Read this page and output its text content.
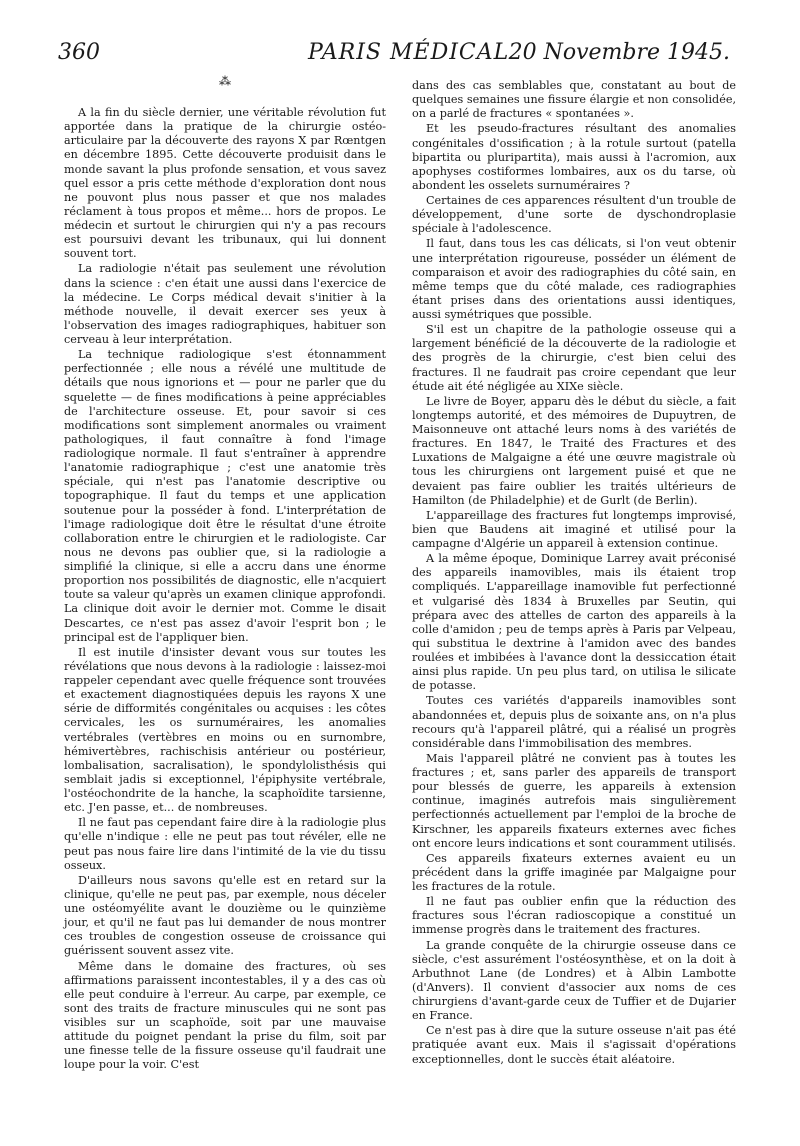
360	PARIS MÉDICAL 20 Novembre 1945.
⁂

A la fin du siècle dernier, une véritable révolution fut apportée dans la pratique de la chirurgie ostéo-articulaire par la découverte des rayons X par Rœntgen en décembre 1895. Cette découverte produisit dans le monde savant la plus profonde sensation, et vous savez quel essor a pris cette méthode d'exploration dont nous ne pouvont plus nous passer et que nos malades réclament à tous propos et même... hors de propos. Le médecin et surtout le chirurgien qui n'y a pas recours est poursuivi devant les tribunaux, qui lui donnent souvent tort.

La radiologie n'était pas seulement une révolution dans la science : c'en était une aussi dans l'exercice de la médecine. Le Corps médical devait s'initier à la méthode nouvelle, il devait exercer ses yeux à l'observation des images radiographiques, habituer son cerveau à leur interprétation.

La technique radiologique s'est étonnamment perfectionnée ; elle nous a révélé une multitude de détails que nous ignorions et — pour ne parler que du squelette — de fines modifications à peine appréciables de l'architecture osseuse. Et, pour savoir si ces modifications sont simplement anormales ou vraiment pathologiques, il faut connaître à fond l'image radiologique normale. Il faut s'entraîner à apprendre l'anatomie radiographique ; c'est une anatomie très spéciale, qui n'est pas l'anatomie descriptive ou topographique. Il faut du temps et une application soutenue pour la posséder à fond. L'interprétation de l'image radiologique doit être le résultat d'une étroite collaboration entre le chirurgien et le radiologiste. Car nous ne devons pas oublier que, si la radiologie a simplifié la clinique, si elle a accru dans une énorme proportion nos possibilités de diagnostic, elle n'acquiert toute sa valeur qu'après un examen clinique approfondi. La clinique doit avoir le dernier mot. Comme le disait Descartes, ce n'est pas assez d'avoir l'esprit bon ; le principal est de l'appliquer bien.

Il est inutile d'insister devant vous sur toutes les révélations que nous devons à la radiologie : laissez-moi rappeler cependant avec quelle fréquence sont trouvées et exactement diagnostiquées depuis les rayons X une série de difformités congénitales ou acquises : les côtes cervicales, les os surnuméraires, les anomalies vertébrales (vertèbres en moins ou en surnombre, hémivertèbres, rachischisis antérieur ou postérieur, lombalisation, sacralisation), le spondylolisthésis qui semblait jadis si exceptionnel, l'épiphysite vertébrale, l'ostéochondrite de la hanche, la scaphoïdite tarsienne, etc. J'en passe, et... de nombreuses.

Il ne faut pas cependant faire dire à la radiologie plus qu'elle n'indique : elle ne peut pas tout révéler, elle ne peut pas nous faire lire dans l'intimité de la vie du tissu osseux.

D'ailleurs nous savons qu'elle est en retard sur la clinique, qu'elle ne peut pas, par exemple, nous déceler une ostéomyélite avant le douzième ou le quinzième jour, et qu'il ne faut pas lui demander de nous montrer ces troubles de congestion osseuse de croissance qui guérissent souvent assez vite.

Même dans le domaine des fractures, où ses affirmations paraissent incontestables, il y a des cas où elle peut conduire à l'erreur. Au carpe, par exemple, ce sont des traits de fracture minuscules qui ne sont pas visibles sur un scaphoïde, soit par une mauvaise attitude du poignet pendant la prise du film, soit par une finesse telle de la fissure osseuse qu'il faudrait une loupe pour la voir. C'est

dans des cas semblables que, constatant au bout de quelques semaines une fissure élargie et non consolidée, on a parlé de fractures « spontanées ».

Et les pseudo-fractures résultant des anomalies congénitales d'ossification ; à la rotule surtout (patella bipartita ou pluripartita), mais aussi à l'acromion, aux apophyses costiformes lombaires, aux os du tarse, où abondent les osselets surnuméraires ?

Certaines de ces apparences résultent d'un trouble de développement, d'une sorte de dyschondroplasie spéciale à l'adolescence.

Il faut, dans tous les cas délicats, si l'on veut obtenir une interprétation rigoureuse, posséder un élément de comparaison et avoir des radiographies du côté sain, en même temps que du côté malade, ces radiographies étant prises dans des orientations aussi identiques, aussi symétriques que possible.

S'il est un chapitre de la pathologie osseuse qui a largement bénéficié de la découverte de la radiologie et des progrès de la chirurgie, c'est bien celui des fractures. Il ne faudrait pas croire cependant que leur étude ait été négligée au XIXe siècle.

Le livre de Boyer, apparu dès le début du siècle, a fait longtemps autorité, et des mémoires de Dupuytren, de Maisonneuve ont attaché leurs noms à des variétés de fractures. En 1847, le Traité des Fractures et des Luxations de Malgaigne a été une œuvre magistrale où tous les chirurgiens ont largement puisé et que ne devaient pas faire oublier les traités ultérieurs de Hamilton (de Philadelphie) et de Gurlt (de Berlin).

L'appareillage des fractures fut longtemps improvisé, bien que Baudens ait imaginé et utilisé pour la campagne d'Algérie un appareil à extension continue.

A la même époque, Dominique Larrey avait préconisé des appareils inamovibles, mais ils étaient trop compliqués. L'appareillage inamovible fut perfectionné et vulgarisé dès 1834 à Bruxelles par Seutin, qui prépara avec des attelles de carton des appareils à la colle d'amidon ; peu de temps après à Paris par Velpeau, qui substitua le dextrine à l'amidon avec des bandes roulées et imbibées à l'avance dont la dessiccation était ainsi plus rapide. Un peu plus tard, on utilisa le silicate de potasse.

Toutes ces variétés d'appareils inamovibles sont abandonnées et, depuis plus de soixante ans, on n'a plus recours qu'à l'appareil plâtré, qui a réalisé un progrès considérable dans l'immobilisation des membres.

Mais l'appareil plâtré ne convient pas à toutes les fractures ; et, sans parler des appareils de transport pour blessés de guerre, les appareils à extension continue, imaginés autrefois mais singulièrement perfectionnés actuellement par l'emploi de la broche de Kirschner, les appareils fixateurs externes avec fiches ont encore leurs indications et sont couramment utilisés.

Ces appareils fixateurs externes avaient eu un précédent dans la griffe imaginée par Malgaigne pour les fractures de la rotule.

Il ne faut pas oublier enfin que la réduction des fractures sous l'écran radioscopique a constitué un immense progrès dans le traitement des fractures.

La grande conquête de la chirurgie osseuse dans ce siècle, c'est assurément l'ostéosynthèse, et on la doit à Arbuthnot Lane (de Londres) et à Albin Lambotte (d'Anvers). Il convient d'associer aux noms de ces chirurgiens d'avant-garde ceux de Tuffier et de Dujarier en France.

Ce n'est pas à dire que la suture osseuse n'ait pas été pratiquée avant eux. Mais il s'agissait d'opérations exceptionnelles, dont le succès était aléatoire.
